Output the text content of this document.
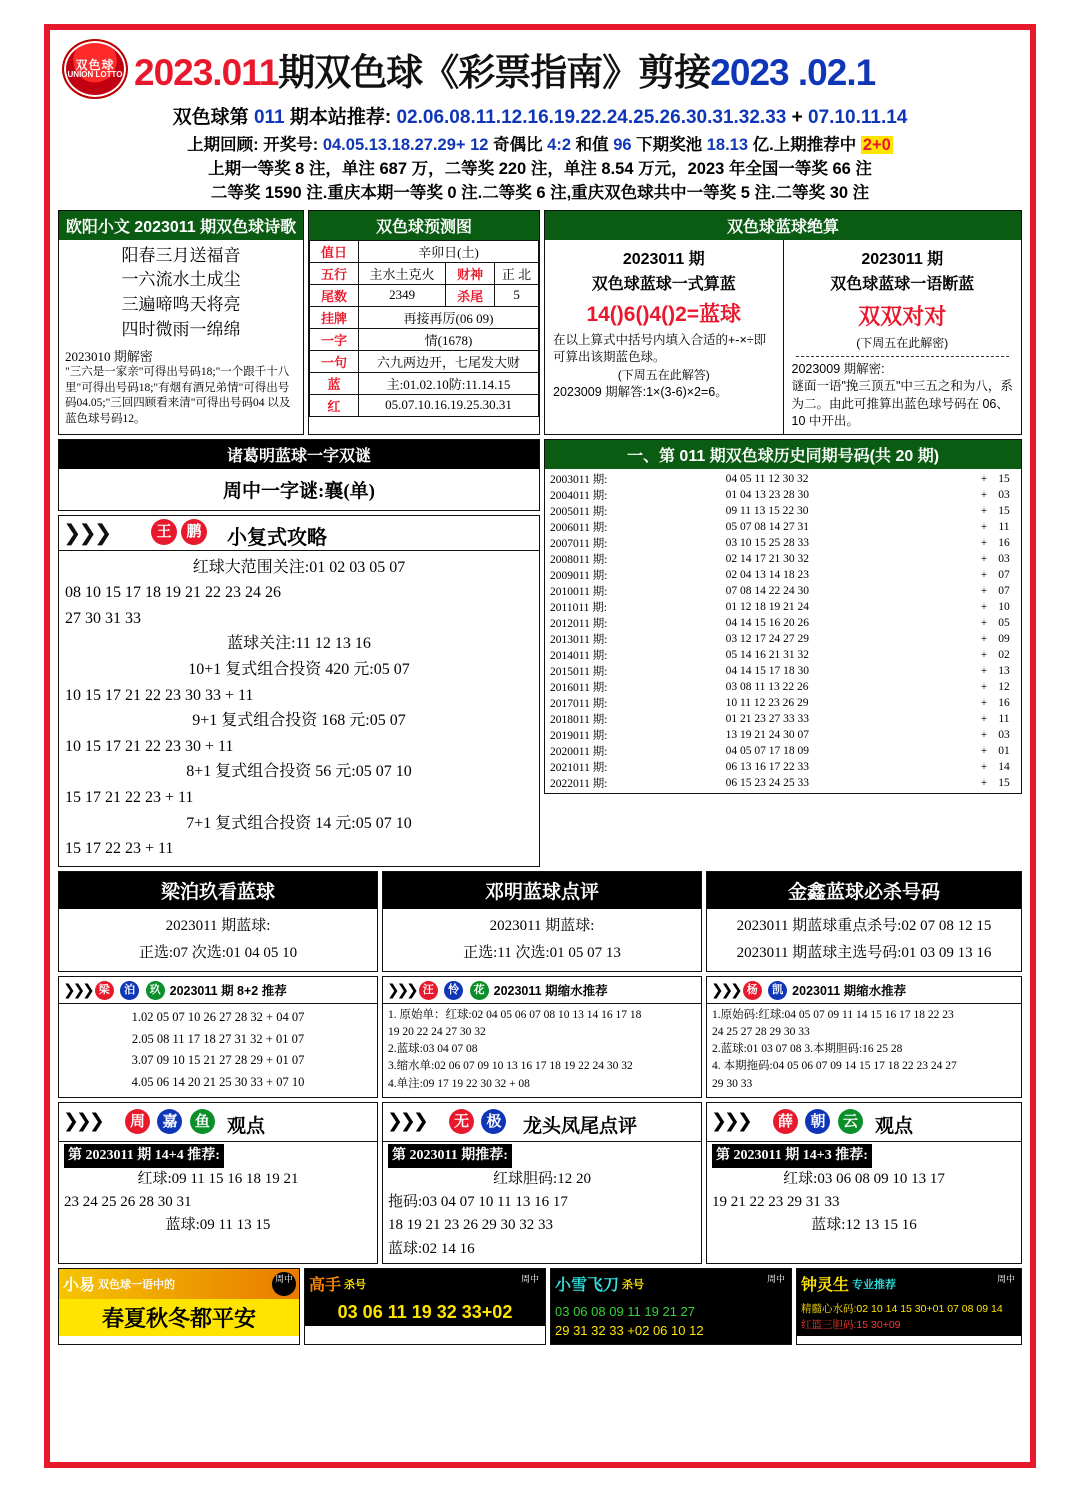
双色球
UNION LOTTO 2023.011期双色球《彩票指南》剪接2023 .02.1
双色球第 011 期本站推荐: 02.06.08.11.12.16.19.22.24.25.26.30.31.32.33 + 07.10.11.14
上期回顾: 开奖号: 04.05.13.18.27.29+ 12 奇偶比 4:2 和值 96 下期奖池 18.13 亿.上期推荐中 2+0
上期一等奖 8 注，单注 687 万，二等奖 220 注，单注 8.54 万元，2023 年全国一等奖 66 注
二等奖 1590 注.重庆本期一等奖 0 注.二等奖 6 注,重庆双色球共中一等奖 5 注.二等奖 30 注
欧阳小文 2023011 期双色球诗歌
阳春三月送福音
一六流水土成尘
三遍啼鸣天将亮
四时微雨一绵绵
2023010 期解密
"三六是一家亲"可得出号码18;"一个跟千十八里"可得出号码18;"有烟有酒兄弟情"可得出号码04.05;"三回四顾看来清"可得出号码04 以及蓝色球号码12。
双色球预测图
值日	辛卯日(土)		
五行	主水土克火	财神	正 北
尾数	2349	杀尾	5
挂牌	再接再厉(06 09)		
一字	情(1678)		
一句	六九两边开，七尾发大财		
蓝	主:01.02.10防:11.14.15		
红	05.07.10.16.19.25.30.31		
双色球蓝球绝算
2023011 期
双色球蓝球一式算蓝
14()6()4()2=蓝球
在以上算式中括号内填入合适的+-×÷即可算出该期蓝色球。
(下周五在此解答)
2023009 期解答:1×(3-6)×2=6。
2023011 期
双色球蓝球一语断蓝
双双对对
(下周五在此解密)
2023009 期解密:
谜面一语"挽三顶五"中三五之和为八，系为二。由此可推算出蓝色球号码在 06、10 中开出。
诸葛明蓝球一字双谜
周中一字谜:襄(单)
❯❯❯	王 鹏 小复式攻略
红球大范围关注:01 02 03 05 07
08 10 15 17 18 19 21 22 23 24 26
27 30 31 33
蓝球关注:11 12 13 16
10+1 复式组合投资 420 元:05 07
10 15 17 21 22 23 30 33 + 11
9+1 复式组合投资 168 元:05 07
10 15 17 21 22 23 30 + 11
8+1 复式组合投资 56 元:05 07 10
15 17 21 22 23 + 11
7+1 复式组合投资 14 元:05 07 10
15 17 22 23 + 11
一、第 011 期双色球历史同期号码(共 20 期)
2003011 期:	04 05 11 12 30 32	+	15
2004011 期:	01 04 13 23 28 30	+	03
2005011 期:	09 11 13 15 22 30	+	15
2006011 期:	05 07 08 14 27 31	+	11
2007011 期:	03 10 15 25 28 33	+	16
2008011 期:	02 14 17 21 30 32	+	03
2009011 期:	02 04 13 14 18 23	+	07
2010011 期:	07 08 14 22 24 30	+	07
2011011 期:	01 12 18 19 21 24	+	10
2012011 期:	04 14 15 16 20 26	+	05
2013011 期:	03 12 17 24 27 29	+	09
2014011 期:	05 14 16 21 31 32	+	02
2015011 期:	04 14 15 17 18 30	+	13
2016011 期:	03 08 11 13 22 26	+	12
2017011 期:	10 11 12 23 26 29	+	16
2018011 期:	01 21 23 27 33 33	+	11
2019011 期:	13 19 21 24 30 07	+	03
2020011 期:	04 05 07 17 18 09	+	01
2021011 期:	06 13 16 17 22 33	+	14
2022011 期:	06 15 23 24 25 33	+	15
梁泊玖看蓝球
2023011 期蓝球:
正选:07 次选:01 04 05 10
邓明蓝球点评
2023011 期蓝球:
正选:11 次选:01 05 07 13
金鑫蓝球必杀号码
2023011 期蓝球重点杀号:02 07 08 12 15
2023011 期蓝球主选号码:01 03 09 13 16
❯❯❯ 梁 泊 玖 2023011 期 8+2 推荐
1.02 05 07 10 26 27 28 32 + 04 07
2.05 08 11 17 18 27 31 32 + 01 07
3.07 09 10 15 21 27 28 29 + 01 07
4.05 06 14 20 21 25 30 33 + 07 10
❯❯❯ 汪 怜 花 2023011 期缩水推荐
1. 原始单：红球:02 04 05 06 07 08 10 13 14 16 17 18
19 20 22 24 27 30 32
2.蓝球:03 04 07 08
3.缩水单:02 06 07 09 10 13 16 17 18 19 22 24 30 32
4.单注:09 17 19 22 30 32 + 08
❯❯❯ 杨 凯 2023011 期缩水推荐
1.原始码:红球:04 05 07 09 11 14 15 16 17 18 22 23
24 25 27 28 29 30 33
2.蓝球:01 03 07 08 3.本期胆码:16 25 28
4. 本期拖码:04 05 06 07 09 14 15 17 18 22 23 24 27
29 30 33
❯❯❯	周 嘉 鱼 观点
第 2023011 期 14+4 推荐:
红球:09 11 15 16 18 19 21
23 24 25 26 28 30 31
蓝球:09 11 13 15
❯❯❯	无 极	龙头凤尾点评
第 2023011 期推荐:
红球胆码:12 20
拖码:03 04 07 10 11 13 16 17
18 19 21 23 26 29 30 32 33
蓝球:02 14 16
❯❯❯	薛 朝 云 观点
第 2023011 期 14+3 推荐:
红球:03 06 08 09 10 13 17
19 21 22 23 29 31 33
蓝球:12 13 15 16
小易 双色球一语中的	周中
春夏秋冬都平安
高手 杀号	周中
03 06 11 19 32 33+02
小雪飞刀 杀号	周中
03 06 08 09 11 19 21 27
29 31 32 33 +02 06 10 12
钟灵生 专业推荐	周中
精髓心水码:02 10 14 15 30+01 07 08 09 14
红篮三胆码:15 30+09
